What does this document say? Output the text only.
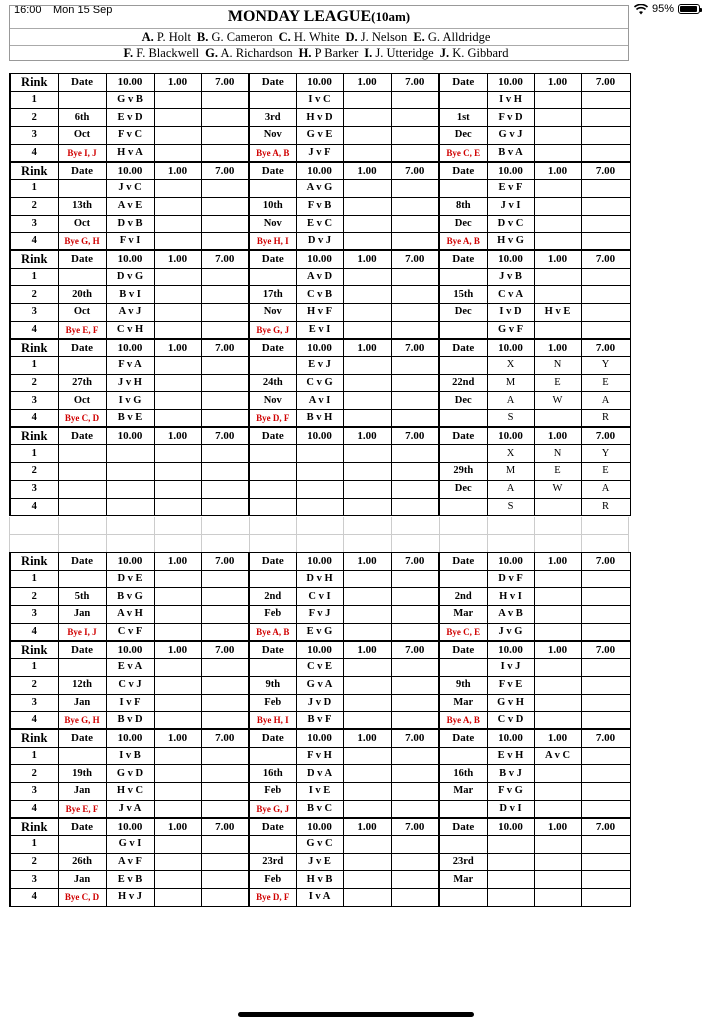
16:00 Mon 15 Sep	95%
MONDAY LEAGUE(10am)
A. P. Holt B. G. Cameron C. H. White D. J. Nelson E. G. Alldridge
F. F. Blackwell G. A. Richardson H. P Barker I. J. Utteridge J. K. Gibbard
Rink	Date	10.00	1.00	7.00	Date	10.00	1.00	7.00	Date	10.00	1.00	7.00
1		G v B				I v C				I v H		
2	6th	E v D			3rd	H v D			1st	F v D		
3	Oct	F v C			Nov	G v E			Dec	G v J		
4	Bye I, J	H v A			Bye A, B	J v F			Bye C, E	B v A		
Rink	Date	10.00	1.00	7.00	Date	10.00	1.00	7.00	Date	10.00	1.00	7.00
1		J v C				A v G				E v F		
2	13th	A v E			10th	F v B			8th	J v I		
3	Oct	D v B			Nov	E v C			Dec	D v C		
4	Bye G, H	F v I			Bye H, I	D v J			Bye A, B	H v G		
Rink	Date	10.00	1.00	7.00	Date	10.00	1.00	7.00	Date	10.00	1.00	7.00
1		D v G				A v D				J v B		
2	20th	B v I			17th	C v B			15th	C v A		
3	Oct	A v J			Nov	H v F			Dec	I v D	H v E	
4	Bye E, F	C v H			Bye G, J	E v I				G v F		
Rink	Date	10.00	1.00	7.00	Date	10.00	1.00	7.00	Date	10.00	1.00	7.00
1		F v A				E v J				X	N	Y
2	27th	J v H			24th	C v G			22nd	M	E	E
3	Oct	I v G			Nov	A v I			Dec	A	W	A
4	Bye C, D	B v E			Bye D, F	B v H				S		R
Rink	Date	10.00	1.00	7.00	Date	10.00	1.00	7.00	Date	10.00	1.00	7.00
1										X	N	Y
2									29th	M	E	E
3									Dec	A	W	A
4										S		R
Rink	Date	10.00	1.00	7.00	Date	10.00	1.00	7.00	Date	10.00	1.00	7.00
1		D v E				D v H				D v F		
2	5th	B v G			2nd	C v I			2nd	H v I		
3	Jan	A v H			Feb	F v J			Mar	A v B		
4	Bye I, J	C v F			Bye A, B	E v G			Bye C, E	J v G		
Rink	Date	10.00	1.00	7.00	Date	10.00	1.00	7.00	Date	10.00	1.00	7.00
1		E v A				C v E				I v J		
2	12th	C v J			9th	G v A			9th	F v E		
3	Jan	I v F			Feb	J v D			Mar	G v H		
4	Bye G, H	B v D			Bye H, I	B v F			Bye A, B	C v D		
Rink	Date	10.00	1.00	7.00	Date	10.00	1.00	7.00	Date	10.00	1.00	7.00
1		I v B				F v H				E v H	A v C	
2	19th	G v D			16th	D v A			16th	B v J		
3	Jan	H v C			Feb	I v E			Mar	F v G		
4	Bye E, F	J v A			Bye G, J	B v C				D v I		
Rink	Date	10.00	1.00	7.00	Date	10.00	1.00	7.00	Date	10.00	1.00	7.00
1		G v I				G v C						
2	26th	A v F			23rd	J v E			23rd			
3	Jan	E v B			Feb	H v B			Mar			
4	Bye C, D	H v J			Bye D, F	I v A						
